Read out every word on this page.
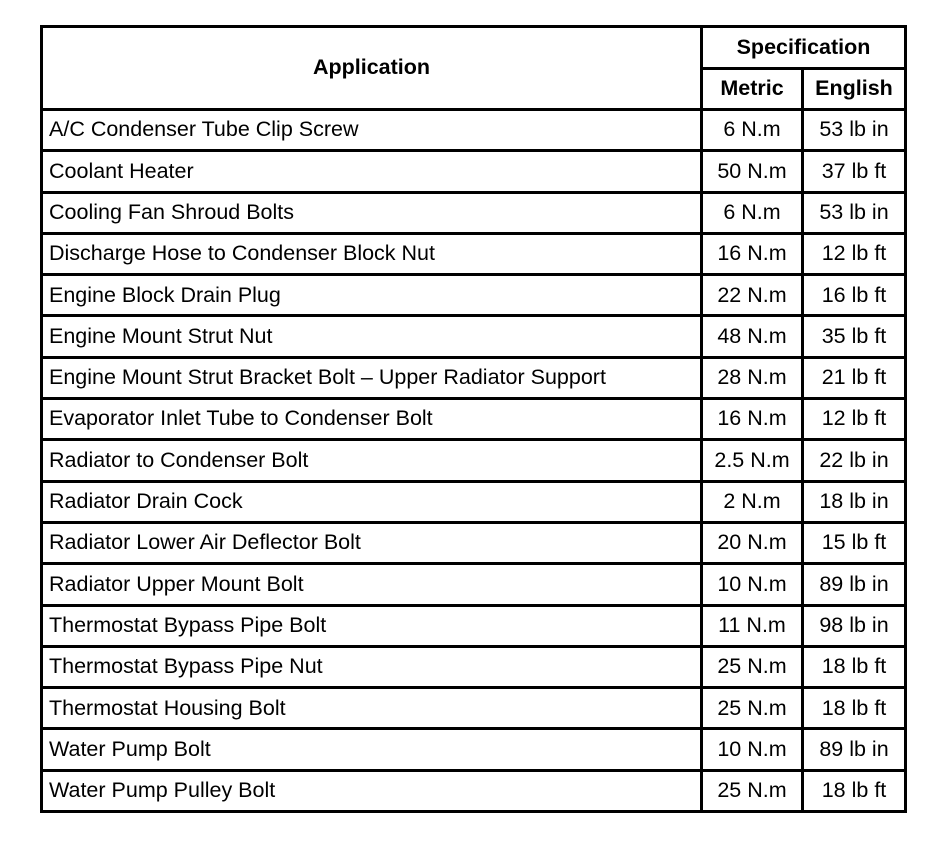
Application	Specification	
	Metric	English
A/C Condenser Tube Clip Screw	6 N.m	53 lb in
Coolant Heater	50 N.m	37 lb ft
Cooling Fan Shroud Bolts	6 N.m	53 lb in
Discharge Hose to Condenser Block Nut	16 N.m	12 lb ft
Engine Block Drain Plug	22 N.m	16 lb ft
Engine Mount Strut Nut	48 N.m	35 lb ft
Engine Mount Strut Bracket Bolt – Upper Radiator Support	28 N.m	21 lb ft
Evaporator Inlet Tube to Condenser Bolt	16 N.m	12 lb ft
Radiator to Condenser Bolt	2.5 N.m	22 lb in
Radiator Drain Cock	2 N.m	18 lb in
Radiator Lower Air Deflector Bolt	20 N.m	15 lb ft
Radiator Upper Mount Bolt	10 N.m	89 lb in
Thermostat Bypass Pipe Bolt	11 N.m	98 lb in
Thermostat Bypass Pipe Nut	25 N.m	18 lb ft
Thermostat Housing Bolt	25 N.m	18 lb ft
Water Pump Bolt	10 N.m	89 lb in
Water Pump Pulley Bolt	25 N.m	18 lb ft
